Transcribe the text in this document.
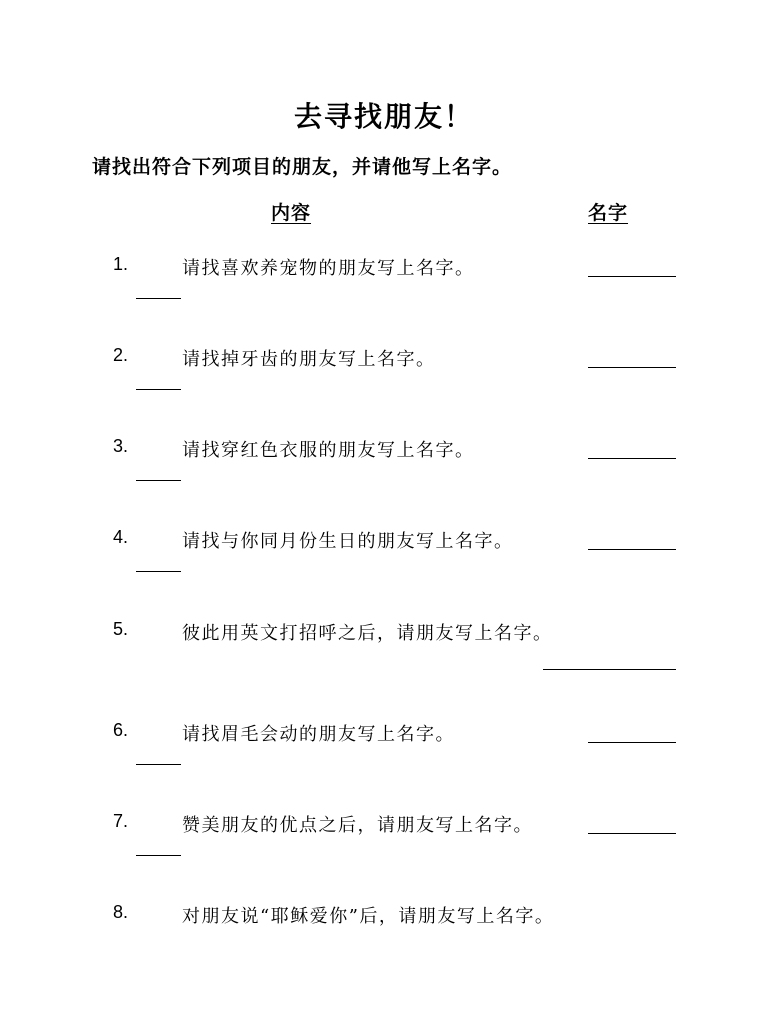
去寻找朋友！
请找出符合下列项目的朋友，并请他写上名字。
内容	名字
1.	请找喜欢养宠物的朋友写上名字。
2.	请找掉牙齿的朋友写上名字。
3.	请找穿红色衣服的朋友写上名字。
4.	请找与你同月份生日的朋友写上名字。
5.	彼此用英文打招呼之后，请朋友写上名字。
6.	请找眉毛会动的朋友写上名字。
7.	赞美朋友的优点之后，请朋友写上名字。
8.	对朋友说“耶稣爱你”后，请朋友写上名字。
